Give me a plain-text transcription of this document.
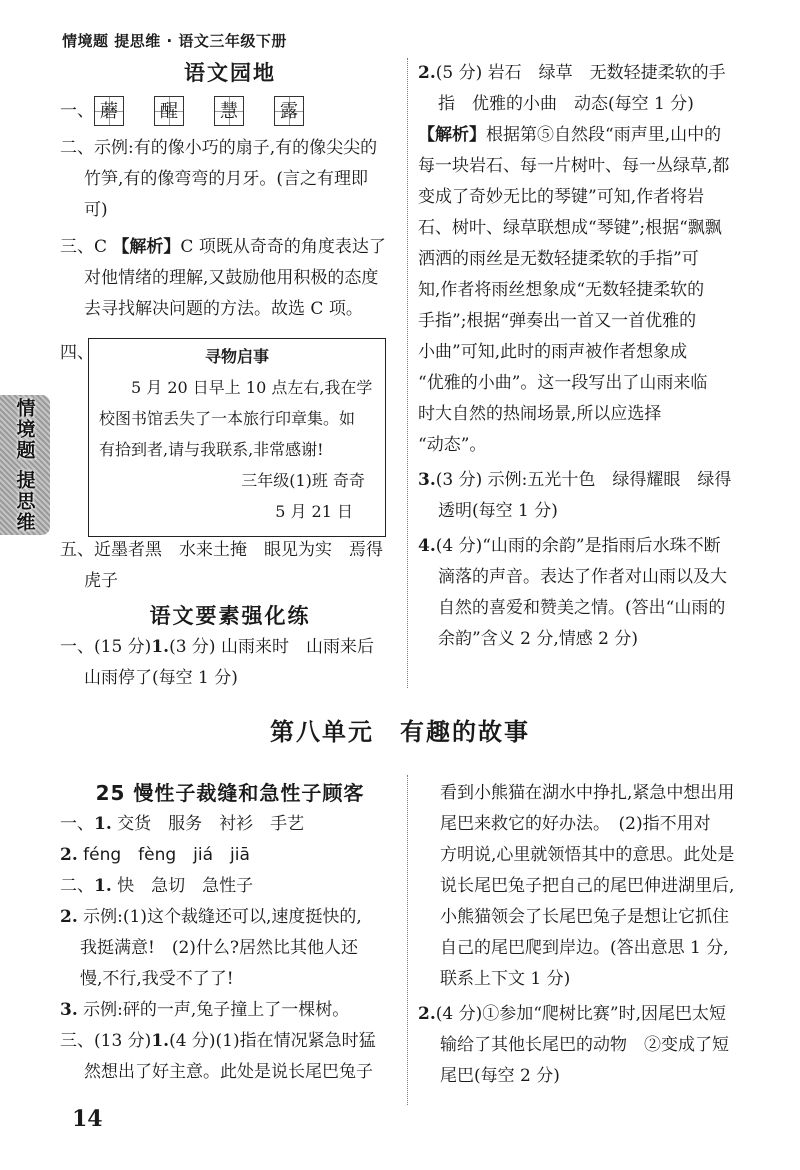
情境题 提思维 · 语文三年级下册
情境题 提思维

语文园地

一、 蘑	醒	慧	露

二、示例:有的像小巧的扇子,有的像尖尖的

竹笋,有的像弯弯的月牙。(言之有理即

可)

三、C 【解析】C 项既从奇奇的角度表达了

对他情绪的理解,又鼓励他用积极的态度

去寻找解决问题的方法。故选 C 项。

四、	寻物启事

5 月 20 日早上 10 点左右,我在学

校图书馆丢失了一本旅行印章集。如

有拾到者,请与我联系,非常感谢!

三年级(1)班 奇奇

5 月 21 日

五、近墨者黑　水来土掩　眼见为实　焉得

虎子

语文要素强化练

一、(15 分)1.(3 分) 山雨来时　山雨来后

山雨停了(每空 1 分)

2.(5 分) 岩石　绿草　无数轻捷柔软的手

指　优雅的小曲　动态(每空 1 分)

【解析】根据第⑤自然段“雨声里,山中的

每一块岩石、每一片树叶、每一丛绿草,都

变成了奇妙无比的琴键”可知,作者将岩

石、树叶、绿草联想成“琴键”;根据“飘飘

洒洒的雨丝是无数轻捷柔软的手指”可

知,作者将雨丝想象成“无数轻捷柔软的

手指”;根据“弹奏出一首又一首优雅的

小曲”可知,此时的雨声被作者想象成

“优雅的小曲”。这一段写出了山雨来临

时大自然的热闹场景,所以应选择

“动态”。

3.(3 分) 示例:五光十色　绿得耀眼　绿得

透明(每空 1 分)

4.(4 分)“山雨的余韵”是指雨后水珠不断

滴落的声音。表达了作者对山雨以及大

自然的喜爱和赞美之情。(答出“山雨的

余韵”含义 2 分,情感 2 分)

第八单元　有趣的故事

25 慢性子裁缝和急性子顾客

一、1. 交货　服务　衬衫　手艺

2. féng　fèng　jiá　jiā

二、1. 快　急切　急性子

2. 示例:(1)这个裁缝还可以,速度挺快的,

我挺满意!　(2)什么?居然比其他人还

慢,不行,我受不了了!

3. 示例:砰的一声,兔子撞上了一棵树。

三、(13 分)1.(4 分)(1)指在情况紧急时猛

然想出了好主意。此处是说长尾巴兔子

看到小熊猫在湖水中挣扎,紧急中想出用

尾巴来救它的好办法。　(2)指不用对

方明说,心里就领悟其中的意思。此处是

说长尾巴兔子把自己的尾巴伸进湖里后,

小熊猫领会了长尾巴兔子是想让它抓住

自己的尾巴爬到岸边。(答出意思 1 分,

联系上下文 1 分)

2.(4 分)①参加“爬树比赛”时,因尾巴太短

输给了其他长尾巴的动物　②变成了短

尾巴(每空 2 分)

14
